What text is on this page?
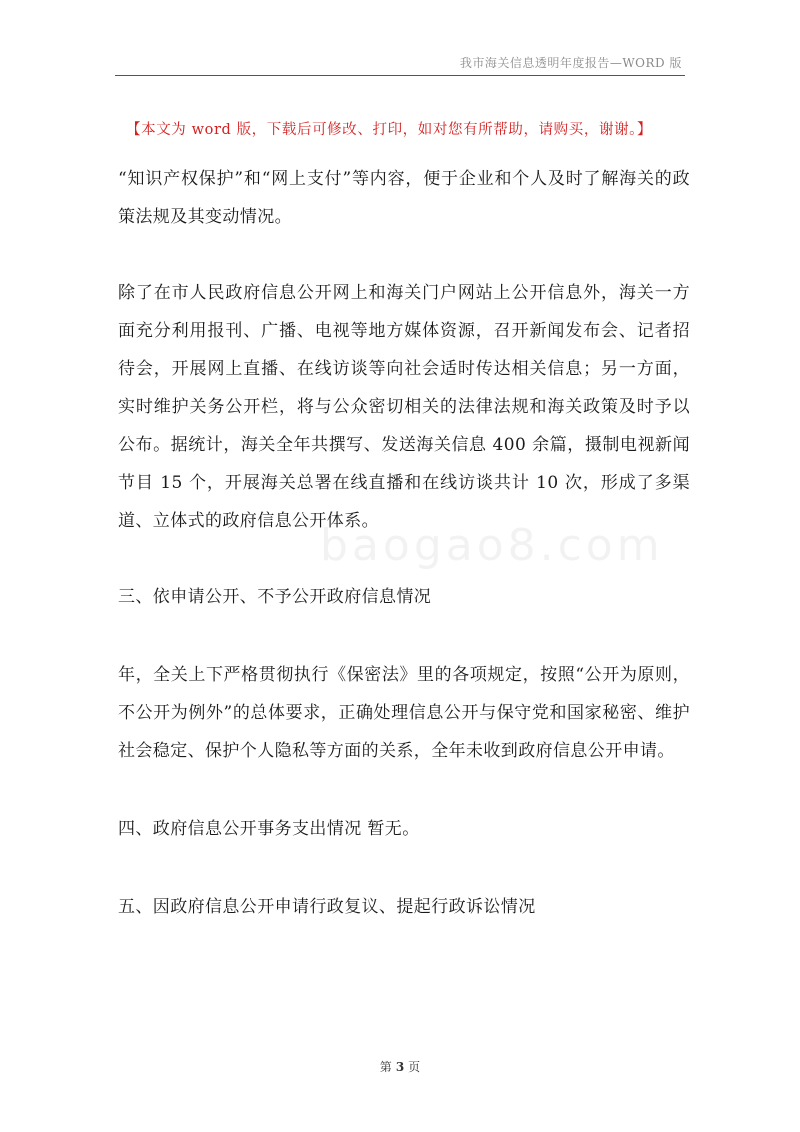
我市海关信息透明年度报告—WORD 版
【本文为 word 版，下载后可修改、打印，如对您有所帮助，请购买，谢谢。】
baogao8.com

“知识产权保护”和“网上支付”等内容，便于企业和个人及时了解海关的政策法规及其变动情况。

除了在市人民政府信息公开网上和海关门户网站上公开信息外，海关一方面充分利用报刊、广播、电视等地方媒体资源，召开新闻发布会、记者招待会，开展网上直播、在线访谈等向社会适时传达相关信息；另一方面，实时维护关务公开栏，将与公众密切相关的法律法规和海关政策及时予以公布。据统计，海关全年共撰写、发送海关信息 400 余篇，摄制电视新闻节目 15 个，开展海关总署在线直播和在线访谈共计 10 次，形成了多渠道、立体式的政府信息公开体系。

三、依申请公开、不予公开政府信息情况

年，全关上下严格贯彻执行《保密法》里的各项规定，按照“公开为原则，不公开为例外”的总体要求，正确处理信息公开与保守党和国家秘密、维护社会稳定、保护个人隐私等方面的关系，全年未收到政府信息公开申请。

四、政府信息公开事务支出情况 暂无。

五、因政府信息公开申请行政复议、提起行政诉讼情况

第 3 页
